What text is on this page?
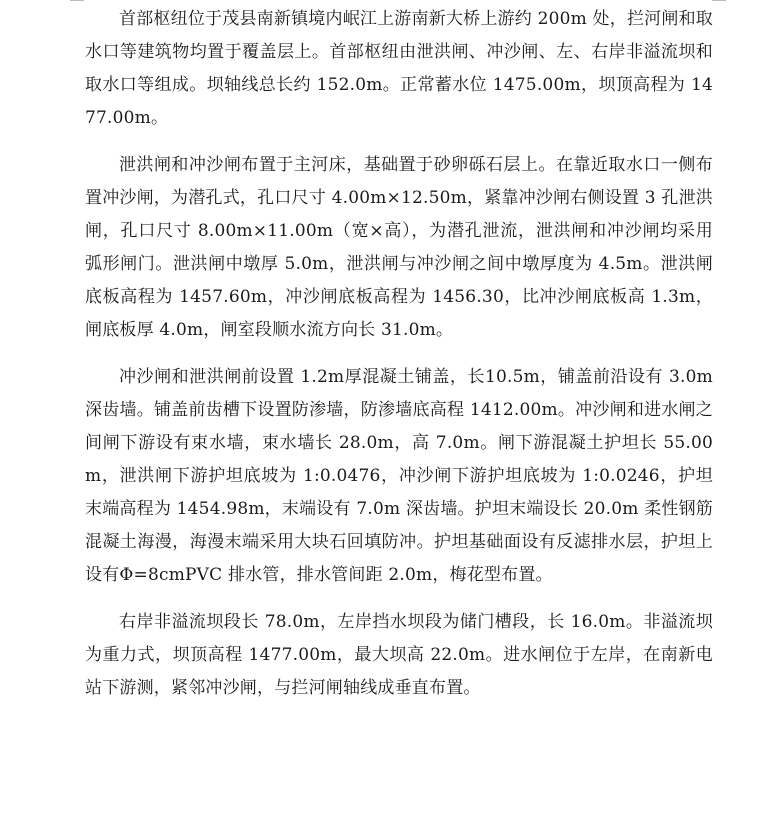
首部枢纽位于茂县南新镇境内岷江上游南新大桥上游约 200m 处，拦河闸和取水口等建筑物均置于覆盖层上。首部枢纽由泄洪闸、冲沙闸、左、右岸非溢流坝和取水口等组成。坝轴线总长约 152.0m。正常蓄水位 1475.00m，坝顶高程为 1477.00m。

泄洪闸和冲沙闸布置于主河床，基础置于砂卵砾石层上。在靠近取水口一侧布置冲沙闸，为潜孔式，孔口尺寸 4.00m×12.50m，紧靠冲沙闸右侧设置 3 孔泄洪闸，孔口尺寸 8.00m×11.00m（宽×高），为潜孔泄流，泄洪闸和冲沙闸均采用弧形闸门。泄洪闸中墩厚 5.0m，泄洪闸与冲沙闸之间中墩厚度为 4.5m。泄洪闸底板高程为 1457.60m，冲沙闸底板高程为 1456.30，比冲沙闸底板高 1.3m，闸底板厚 4.0m，闸室段顺水流方向长 31.0m。

冲沙闸和泄洪闸前设置 1.2m厚混凝土铺盖，长10.5m，铺盖前沿设有 3.0m 深齿墙。铺盖前齿槽下设置防渗墙，防渗墙底高程 1412.00m。冲沙闸和进水闸之间闸下游设有束水墙，束水墙长 28.0m，高 7.0m。闸下游混凝土护坦长 55.00m，泄洪闸下游护坦底坡为 1:0.0476，冲沙闸下游护坦底坡为 1:0.0246，护坦末端高程为 1454.98m，末端设有 7.0m 深齿墙。护坦末端设长 20.0m 柔性钢筋混凝土海漫，海漫末端采用大块石回填防冲。护坦基础面设有反滤排水层，护坦上设有Φ=8cmPVC 排水管，排水管间距 2.0m，梅花型布置。

右岸非溢流坝段长 78.0m，左岸挡水坝段为储门槽段，长 16.0m。非溢流坝为重力式，坝顶高程 1477.00m，最大坝高 22.0m。进水闸位于左岸，在南新电站下游测，紧邻冲沙闸，与拦河闸轴线成垂直布置。
